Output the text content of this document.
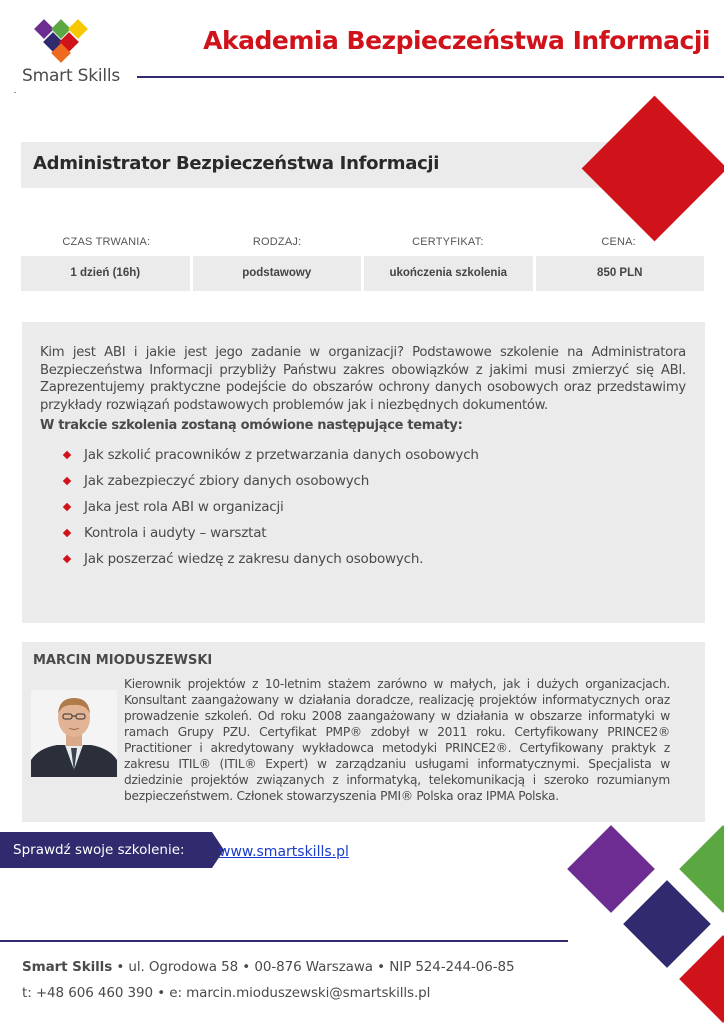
Smart Skills
Akademia Bezpieczeństwa Informacji
Administrator Bezpieczeństwa Informacji
CZAS TRWANIA:	RODZAJ:	CERTYFIKAT:	CENA:
1 dzień (16h)	podstawowy	ukończenia szkolenia	850 PLN

Kim jest ABI i jakie jest jego zadanie w organizacji? Podstawowe szkolenie na Administratora Bezpieczeństwa Informacji przybliży Państwu zakres obowiązków z jakimi musi zmierzyć się ABI. Zaprezentujemy praktyczne podejście do obszarów ochrony danych osobowych oraz przedstawimy przykłady rozwiązań podstawowych problemów jak i niezbędnych dokumentów.

W trakcie szkolenia zostaną omówione następujące tematy:
Jak szkolić pracowników z przetwarzania danych osobowych
Jak zabezpieczyć zbiory danych osobowych
Jaka jest rola ABI w organizacji
Kontrola i audyty – warsztat
Jak poszerzać wiedzę z zakresu danych osobowych.
MARCIN MIODUSZEWSKI
Kierownik projektów z 10-letnim stażem zarówno w małych, jak i dużych organizacjach. Konsultant zaangażowany w działania doradcze, realizację projektów informatycznych oraz prowadzenie szkoleń. Od roku 2008 zaangażowany w działania w obszarze informatyki w ramach Grupy PZU. Certyfikat PMP® zdobył w 2011 roku. Certyfikowany PRINCE2® Practitioner i akredytowany wykładowca metodyki PRINCE2®. Certyfikowany praktyk z zakresu ITIL® (ITIL® Expert) w zarządzaniu usługami informatycznymi. Specjalista w dziedzinie projektów związanych z informatyką, telekomunikacją i szeroko rozumianym bezpieczeństwem. Członek stowarzyszenia PMI® Polska oraz IPMA Polska.
Sprawdź swoje szkolenie: www.smartskills.pl
Smart Skills • ul. Ogrodowa 58 • 00-876 Warszawa • NIP 524-244-06-85
t: +48 606 460 390 • e: marcin.mioduszewski@smartskills.pl
